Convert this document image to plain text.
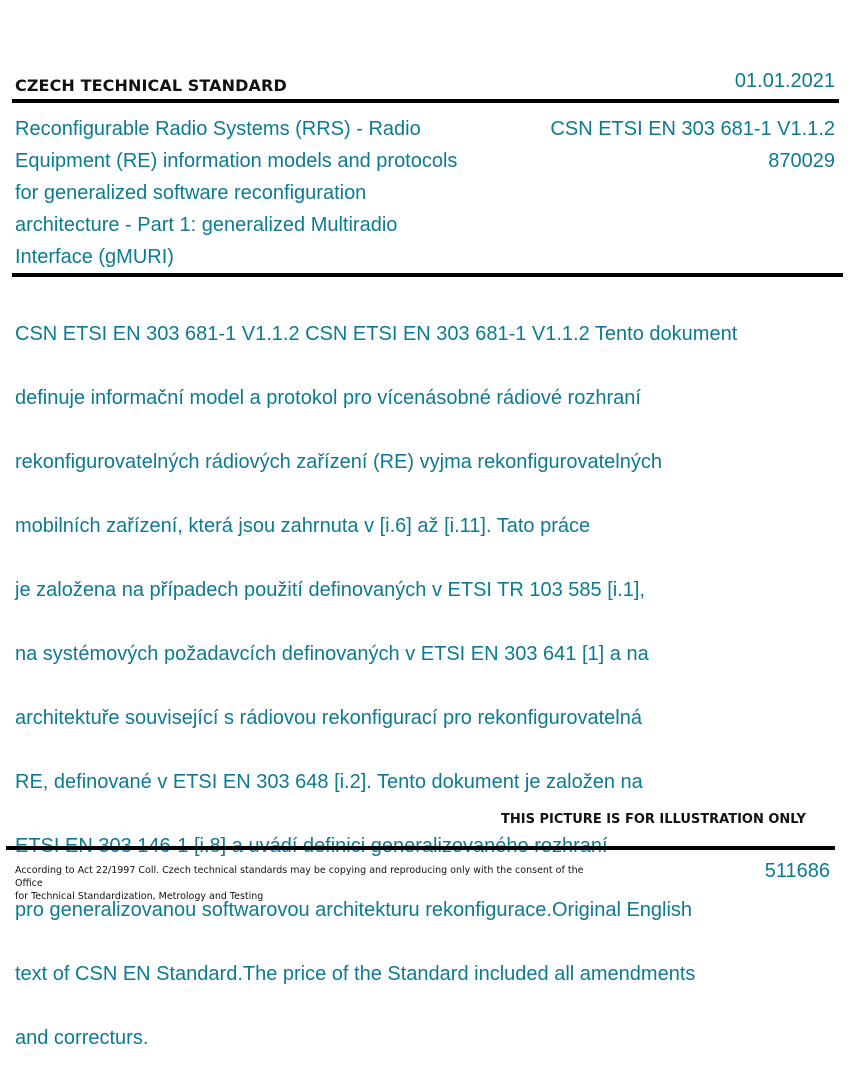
CZECH TECHNICAL STANDARD	01.01.2021
Reconfigurable Radio Systems (RRS) - Radio
Equipment (RE) information models and protocols
for generalized software reconfiguration
architecture - Part 1: generalized Multiradio
Interface (gMURI)
CSN ETSI EN 303 681-1 V1.1.2
870029

CSN ETSI EN 303 681-1 V1.1.2 CSN ETSI EN 303 681-1 V1.1.2 Tento dokument

definuje informační model a protokol pro vícenásobné rádiové rozhraní

rekonfigurovatelných rádiových zařízení (RE) vyjma rekonfigurovatelných

mobilních zařízení, která jsou zahrnuta v [i.6] až [i.11]. Tato práce

je založena na případech použití definovaných v ETSI TR 103 585 [i.1],

na systémových požadavcích definovaných v ETSI EN 303 641 [1] a na

architektuře související s rádiovou rekonfigurací pro rekonfigurovatelná

RE, definované v ETSI EN 303 648 [i.2]. Tento dokument je založen na

pro generalizovanou softwarovou architekturu rekonfigurace.Original English

text of CSN EN Standard.The price of the Standard included all amendments

and correcturs.

THIS PICTURE IS FOR ILLUSTRATION ONLY
According to Act 22/1997 Coll. Czech technical standards may be copying and reproducing only with the consent of the Office
for Technical Standardization, Metrology and Testing
511686
